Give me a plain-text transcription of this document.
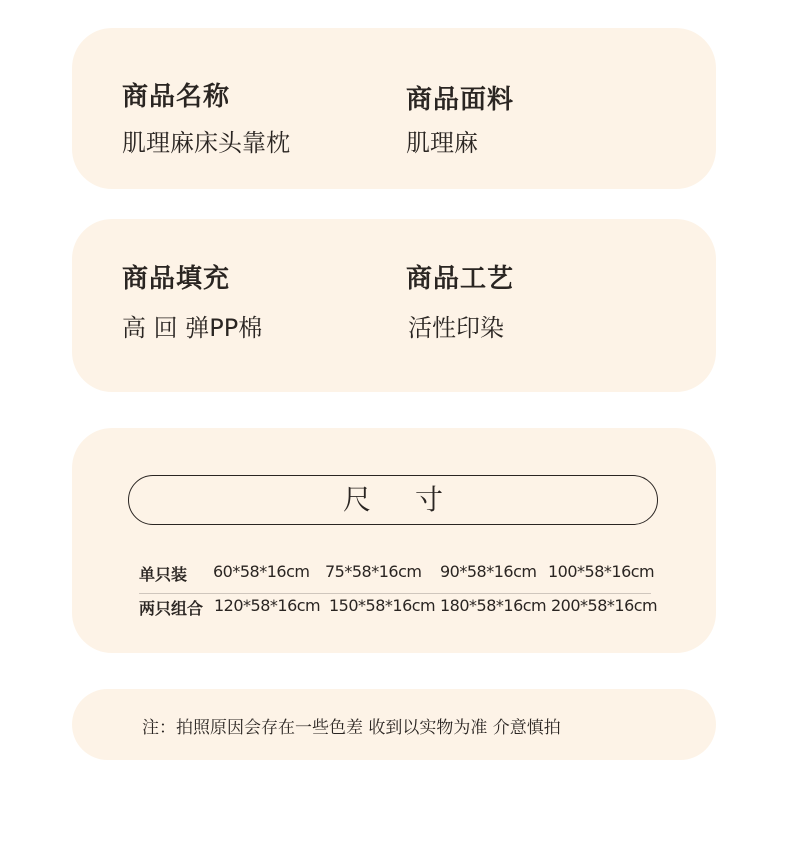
商品名称
肌理麻床头靠枕
商品面料
肌理麻
商品填充
高 回 弹PP棉
商品工艺
活性印染
尺寸
单只装 60*58*16cm 75*58*16cm 90*58*16cm 100*58*16cm
两只组合 120*58*16cm 150*58*16cm 180*58*16cm 200*58*16cm
注：拍照原因会存在一些色差 收到以实物为准 介意慎拍
